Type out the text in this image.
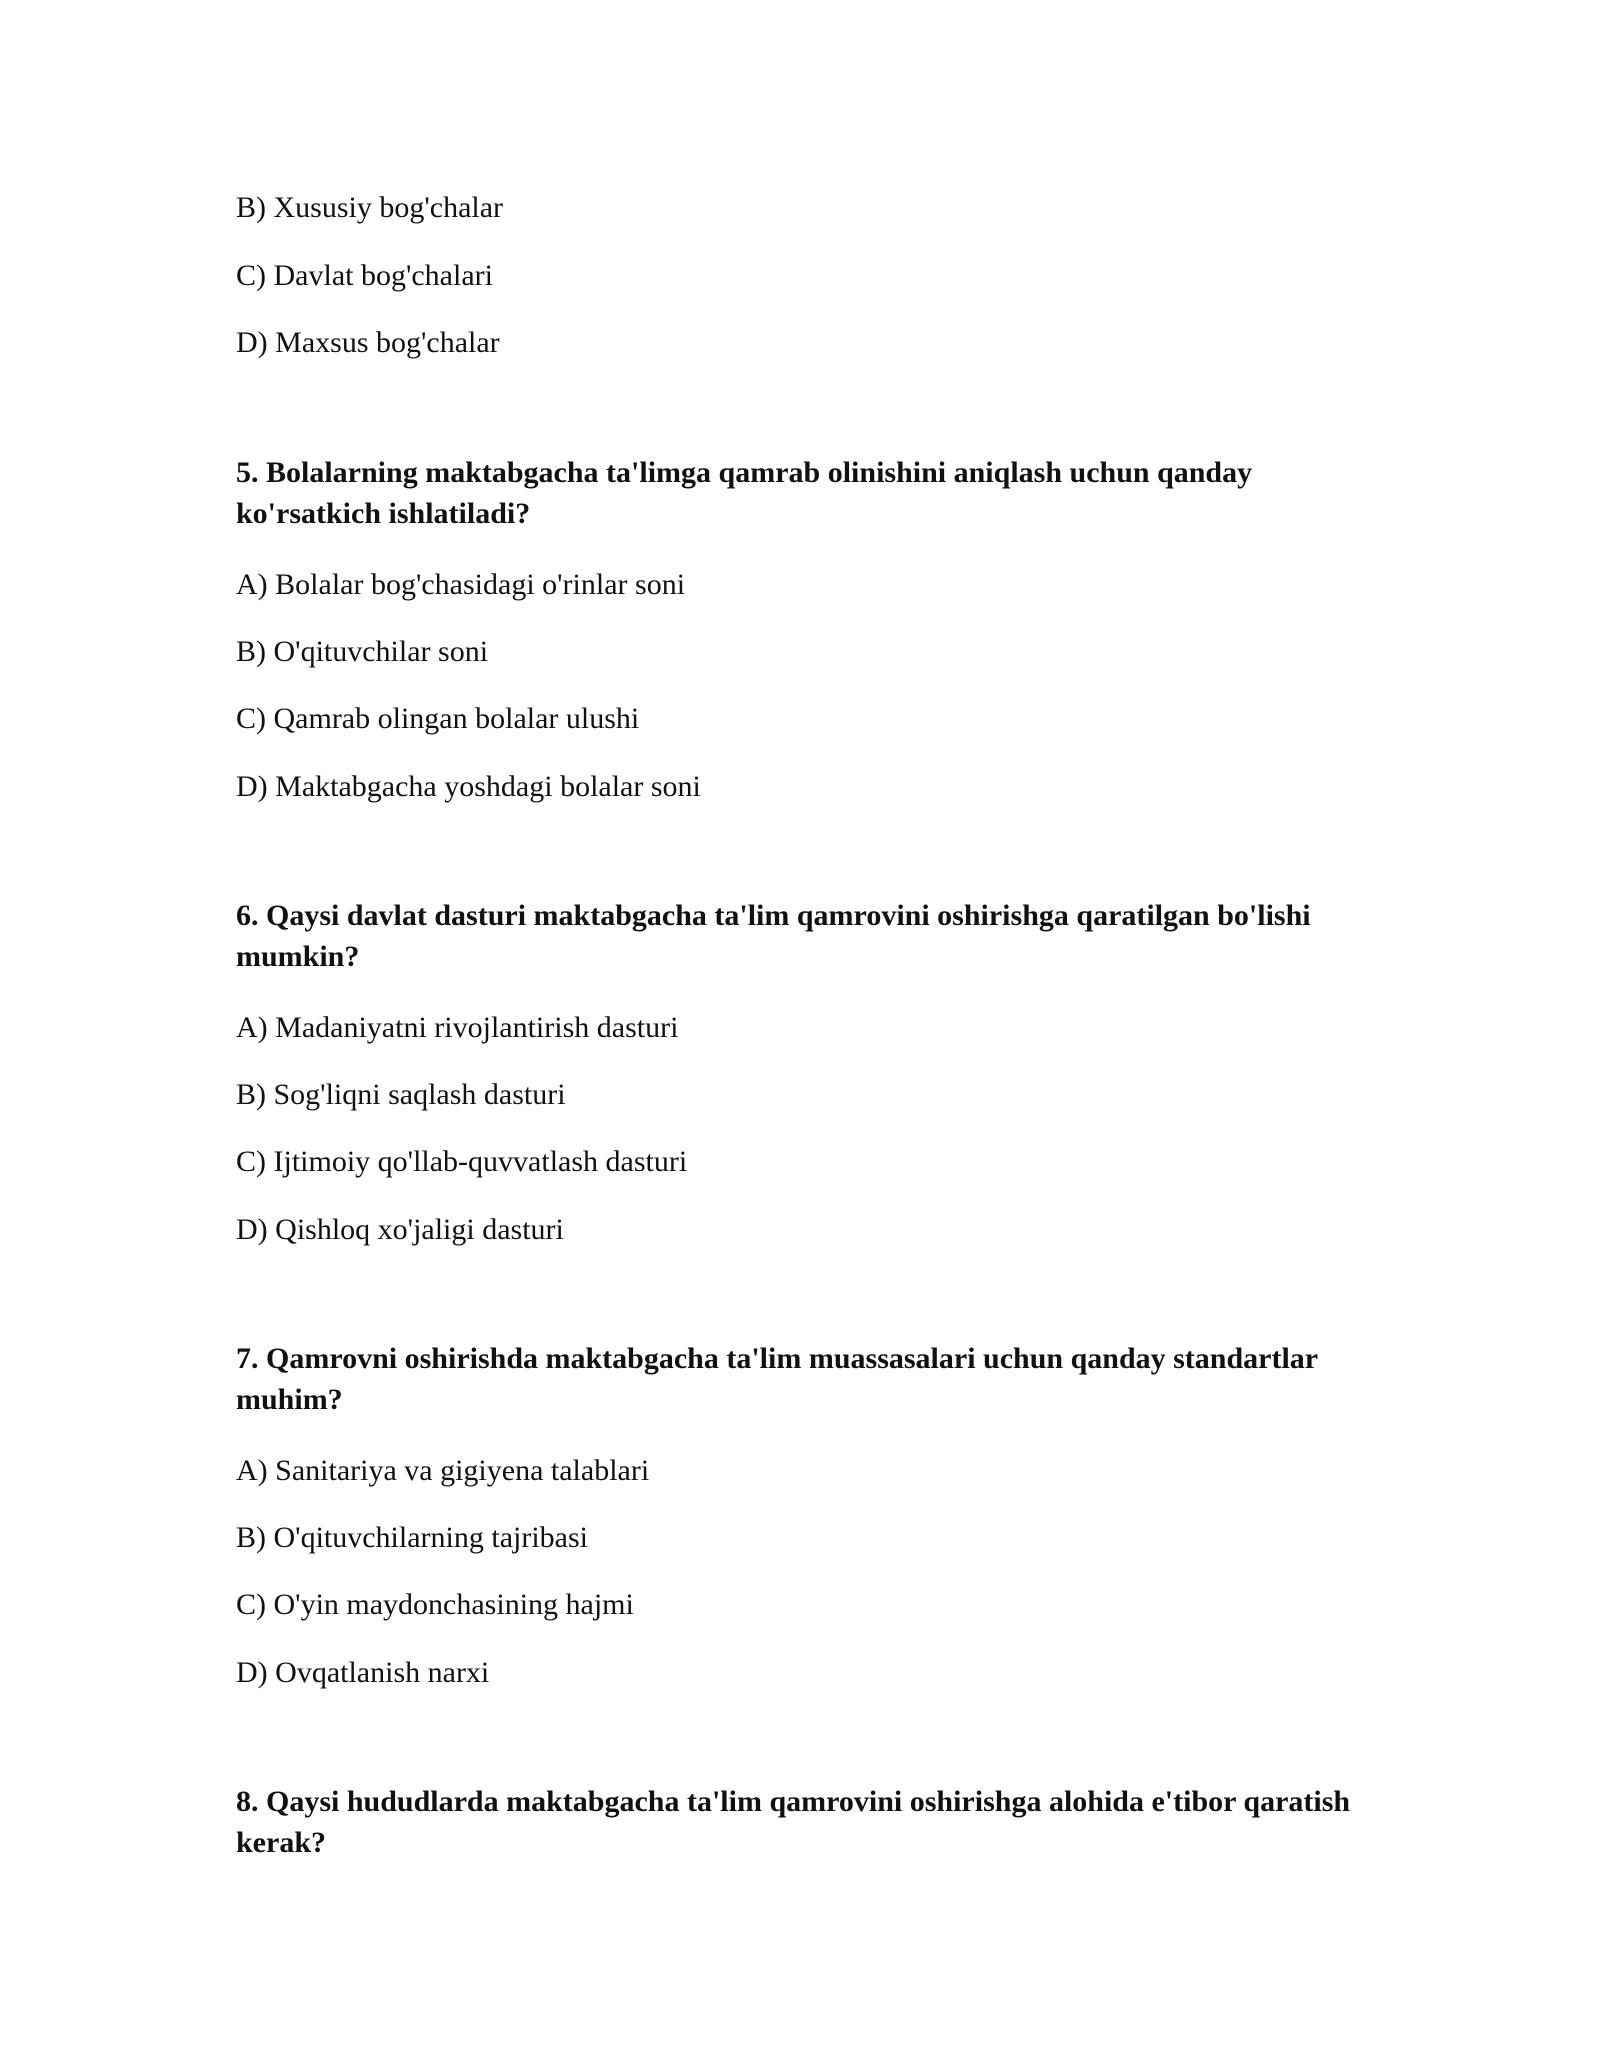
B) Xususiy bog'chalar
C) Davlat bog'chalari
D) Maxsus bog'chalar
5. Bolalarning maktabgacha ta'limga qamrab olinishini aniqlash uchun qanday ko'rsatkich ishlatiladi?
A) Bolalar bog'chasidagi o'rinlar soni
B) O'qituvchilar soni
C) Qamrab olingan bolalar ulushi
D) Maktabgacha yoshdagi bolalar soni
6. Qaysi davlat dasturi maktabgacha ta'lim qamrovini oshirishga qaratilgan bo'lishi mumkin?
A) Madaniyatni rivojlantirish dasturi
B) Sog'liqni saqlash dasturi
C) Ijtimoiy qo'llab-quvvatlash dasturi
D) Qishloq xo'jaligi dasturi
7. Qamrovni oshirishda maktabgacha ta'lim muassasalari uchun qanday standartlar muhim?
A) Sanitariya va gigiyena talablari
B) O'qituvchilarning tajribasi
C) O'yin maydonchasining hajmi
D) Ovqatlanish narxi
8. Qaysi hududlarda maktabgacha ta'lim qamrovini oshirishga alohida e'tibor qaratish kerak?
